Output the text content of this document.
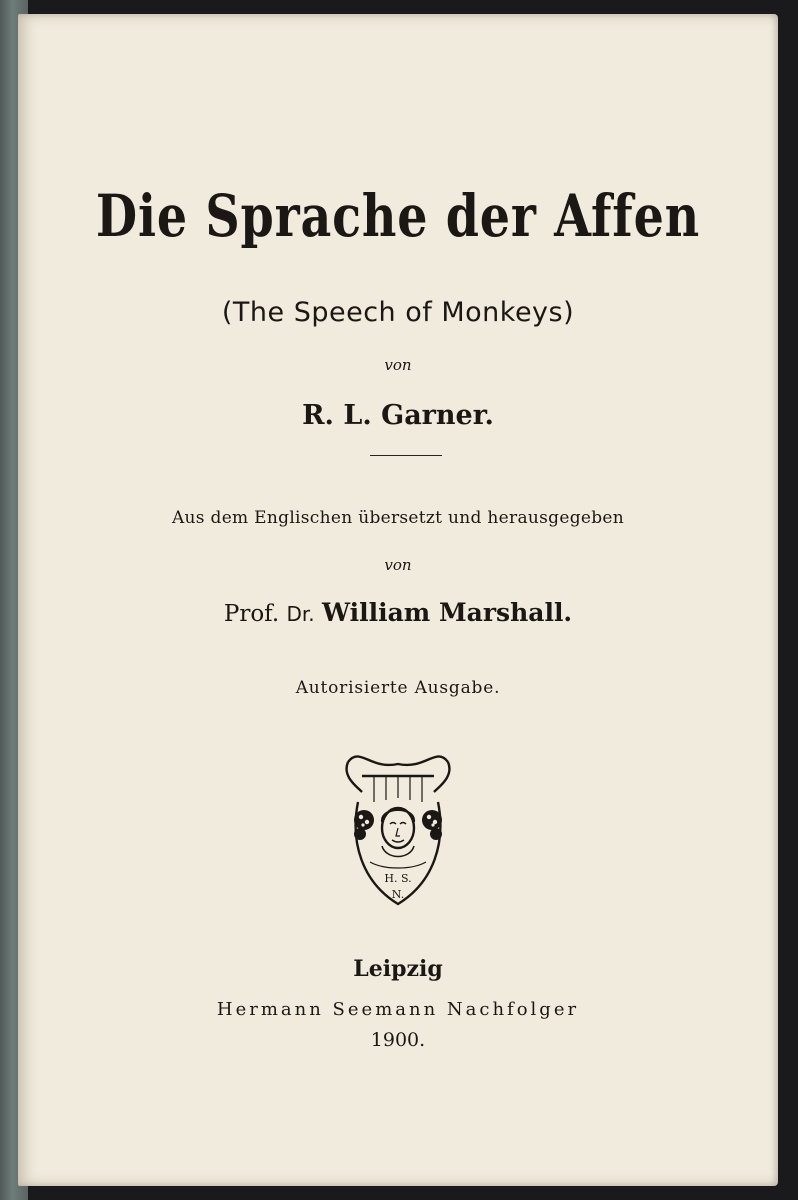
Die Sprache der Affen
(The Speech of Monkeys)
von
R. L. Garner.
Aus dem Englischen übersetzt und herausgegeben
von
Prof. Dr. William Marshall.
Autorisierte Ausgabe.
H. S.
N.
Leipzig
Hermann Seemann Nachfolger
1900.
